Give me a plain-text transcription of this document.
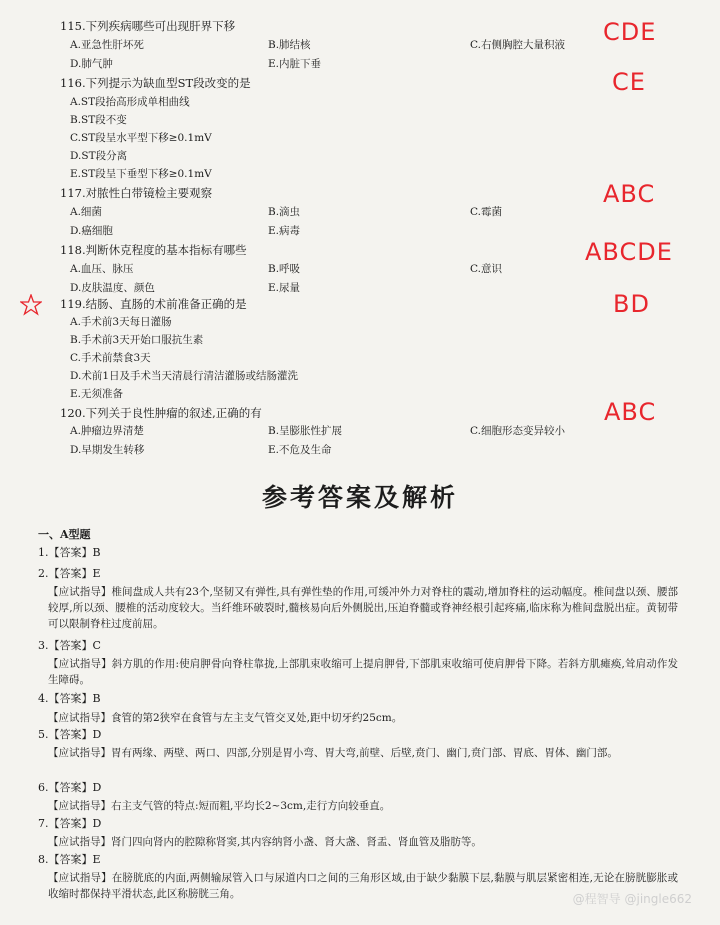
115.下列疾病哪些可出现肝界下移
A.亚急性肝坏死	B.肺结核	C.右侧胸腔大量积液
D.肺气肿	E.内脏下垂
CDE
116.下列提示为缺血型ST段改变的是
A.ST段抬高形成单相曲线
B.ST段不变
C.ST段呈水平型下移≥0.1mV
D.ST段分离
E.ST段呈下垂型下移≥0.1mV
CE
117.对脓性白带镜检主要观察
A.细菌	B.滴虫	C.霉菌
D.癌细胞	E.病毒
ABC
118.判断休克程度的基本指标有哪些
A.血压、脉压	B.呼吸	C.意识
D.皮肤温度、颜色	E.尿量
ABCDE
119.结肠、直肠的术前准备正确的是
A.手术前3天每日灌肠
B.手术前3天开始口服抗生素
C.手术前禁食3天
D.术前1日及手术当天清晨行清洁灌肠或结肠灌洗
E.无须准备
BD
120.下列关于良性肿瘤的叙述,正确的有
A.肿瘤边界清楚	B.呈膨胀性扩展	C.细胞形态变异较小
D.早期发生转移	E.不危及生命
ABC
参考答案及解析
一、A型题
1.【答案】B
2.【答案】E
【应试指导】椎间盘成人共有23个,坚韧又有弹性,具有弹性垫的作用,可缓冲外力对脊柱的震动,增加脊柱的运动幅度。椎间盘以颈、腰部较厚,所以颈、腰椎的活动度较大。当纤维环破裂时,髓核易向后外侧脱出,压迫脊髓或脊神经根引起疼痛,临床称为椎间盘脱出症。黄韧带可以限制脊柱过度前屈。
3.【答案】C
【应试指导】斜方肌的作用:使肩胛骨向脊柱靠拢,上部肌束收缩可上提肩胛骨,下部肌束收缩可使肩胛骨下降。若斜方肌瘫痪,耸肩动作发生障碍。
4.【答案】B
【应试指导】食管的第2狭窄在食管与左主支气管交叉处,距中切牙约25cm。
5.【答案】D
【应试指导】胃有两缘、两壁、两口、四部,分别是胃小弯、胃大弯,前壁、后壁,贲门、幽门,贲门部、胃底、胃体、幽门部。
6.【答案】D
【应试指导】右主支气管的特点:短而粗,平均长2~3cm,走行方向较垂直。
7.【答案】D
【应试指导】肾门四向肾内的腔隙称肾窦,其内容纳肾小盏、肾大盏、肾盂、肾血管及脂肪等。
8.【答案】E
【应试指导】在膀胱底的内面,两侧输尿管入口与尿道内口之间的三角形区域,由于缺少黏膜下层,黏膜与肌层紧密相连,无论在膀胱膨胀或收缩时都保持平滑状态,此区称膀胱三角。	@程智导 @jingle662
